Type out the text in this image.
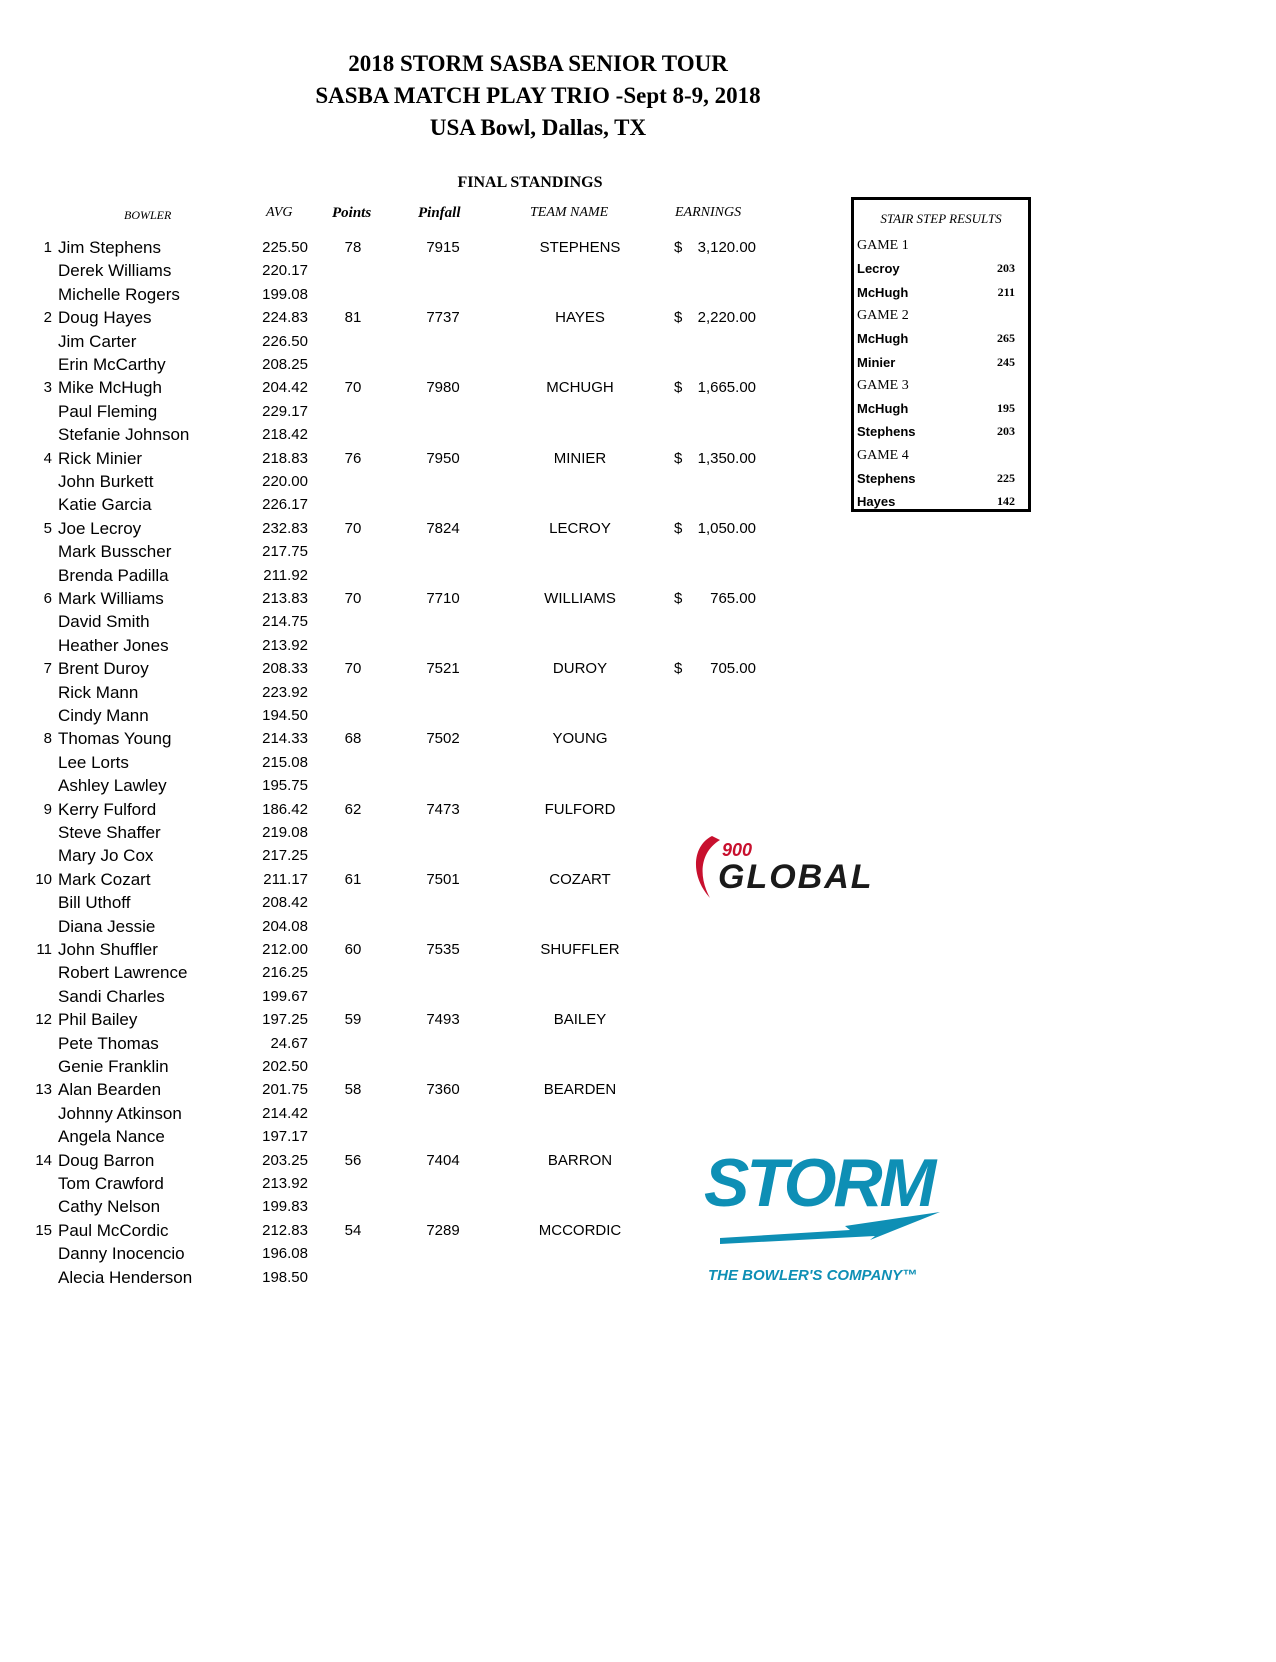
2018 STORM SASBA SENIOR TOUR
SASBA MATCH PLAY TRIO -Sept 8-9, 2018
USA Bowl, Dallas, TX
FINAL STANDINGS
BOWLER	AVG	Points	Pinfall	TEAM NAME	EARNINGS
1 Jim Stephens	225.50	78	7915	STEPHENS	$	3,120.00
Derek Williams	220.17
Michelle Rogers	199.08
2 Doug Hayes	224.83	81	7737	HAYES	$	2,220.00
Jim Carter	226.50
Erin McCarthy	208.25
3 Mike McHugh	204.42	70	7980	MCHUGH	$	1,665.00
Paul Fleming	229.17
Stefanie Johnson	218.42
4 Rick Minier	218.83	76	7950	MINIER	$	1,350.00
John Burkett	220.00
Katie Garcia	226.17
5 Joe Lecroy	232.83	70	7824	LECROY	$	1,050.00
Mark Busscher	217.75
Brenda Padilla	211.92
6 Mark Williams	213.83	70	7710	WILLIAMS	$	765.00
David Smith	214.75
Heather Jones	213.92
7 Brent Duroy	208.33	70	7521	DUROY	$	705.00
Rick Mann	223.92
Cindy Mann	194.50
8 Thomas Young	214.33	68	7502	YOUNG
Lee Lorts	215.08
Ashley Lawley	195.75
9 Kerry Fulford	186.42	62	7473	FULFORD
Steve Shaffer	219.08
Mary Jo Cox	217.25
10 Mark Cozart	211.17	61	7501	COZART
Bill Uthoff	208.42
Diana Jessie	204.08
11 John Shuffler	212.00	60	7535	SHUFFLER
Robert Lawrence	216.25
Sandi Charles	199.67
12 Phil Bailey	197.25	59	7493	BAILEY
Pete Thomas	24.67
Genie Franklin	202.50
13 Alan Bearden	201.75	58	7360	BEARDEN
Johnny Atkinson	214.42
Angela Nance	197.17
14 Doug Barron	203.25	56	7404	BARRON
Tom Crawford	213.92
Cathy Nelson	199.83
15 Paul McCordic	212.83	54	7289	MCCORDIC
Danny Inocencio	196.08
Alecia Henderson	198.50
STAIR STEP RESULTS
GAME 1
Lecroy	203
McHugh	211
GAME 2
McHugh	265
Minier	245
GAME 3
McHugh	195
Stephens	203
GAME 4
Stephens	225
Hayes	142
900
GLOBAL
STORM
THE BOWLER'S COMPANY™
